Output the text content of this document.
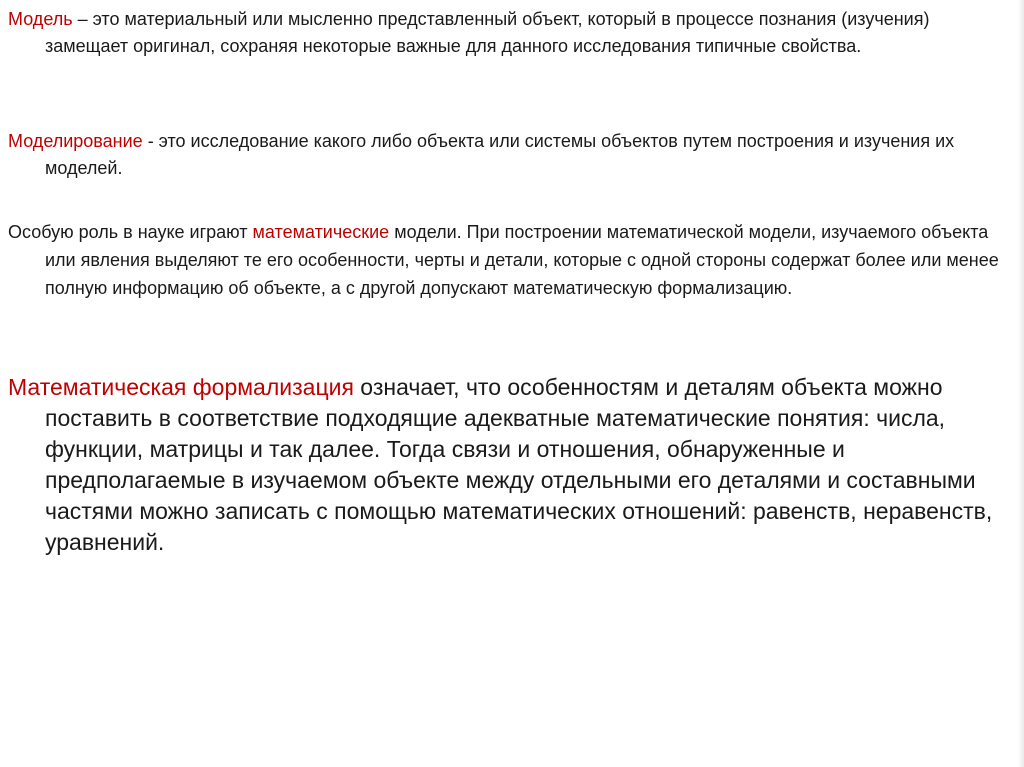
Модель – это материальный или мысленно представленный объект, который в процессе познания (изучения) замещает оригинал, сохраняя некоторые важные для данного исследования типичные свойства.

Моделирование - это исследование какого либо объекта или системы объектов путем построения и изучения их моделей.

Особую роль в науке играют математические модели. При построении математической модели, изучаемого объекта или явления выделяют те его особенности, черты и детали, которые с одной стороны содержат более или менее полную информацию об объекте, а с другой допускают математическую формализацию.

Математическая формализация означает, что особенностям и деталям объекта можно поставить в соответствие подходящие адекватные математические понятия: числа, функции, матрицы и так далее. Тогда связи и отношения, обнаруженные и предполагаемые в изучаемом объекте между отдельными его деталями и составными частями можно записать с помощью математических отношений: равенств, неравенств, уравнений.
